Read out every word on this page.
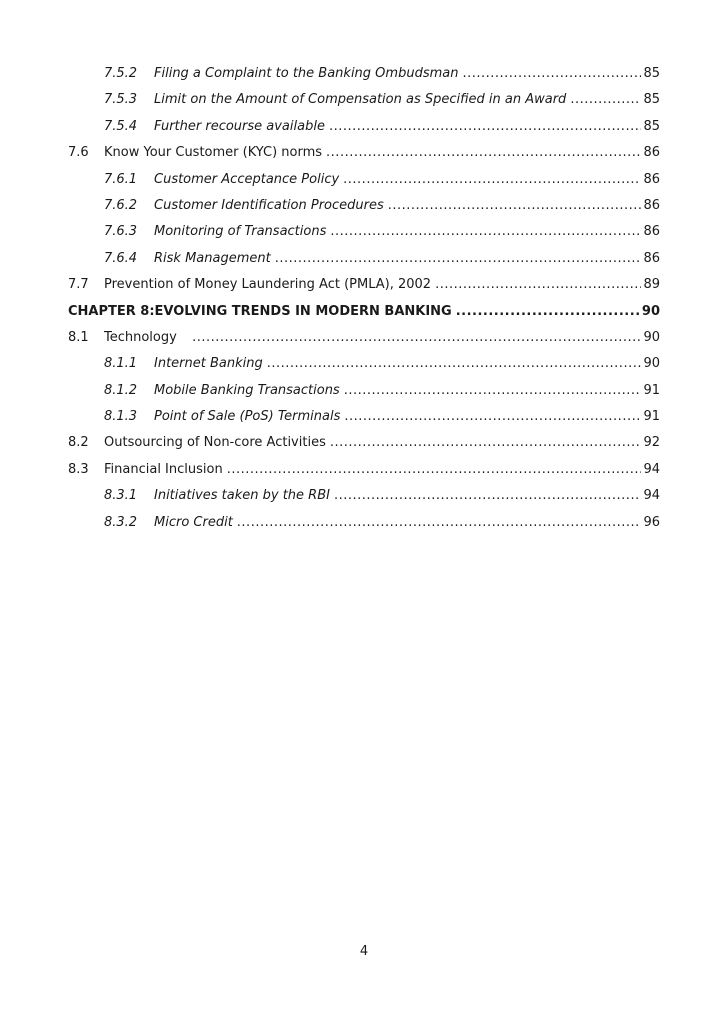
7.5.2	Filing a Complaint to the Banking Ombudsman .....	85
7.5.3	Limit on the Amount of Compensation as Specified in an Award .....	85
7.5.4	Further recourse available .....	85
7.6	Know Your Customer (KYC) norms .....	86
7.6.1	Customer Acceptance Policy .....	86
7.6.2	Customer Identification Procedures .....	86
7.6.3	Monitoring of Transactions .....	86
7.6.4	Risk Management .....	86
7.7	Prevention of Money Laundering Act (PMLA), 2002 .....	89
CHAPTER 8:EVOLVING TRENDS IN MODERN BANKING .....	90
8.1	Technology .....	90
8.1.1	Internet Banking .....	90
8.1.2	Mobile Banking Transactions .....	91
8.1.3	Point of Sale (PoS) Terminals .....	91
8.2	Outsourcing of Non-core Activities .....	92
8.3	Financial Inclusion .....	94
8.3.1	Initiatives taken by the RBI .....	94
8.3.2	Micro Credit .....	96
4
